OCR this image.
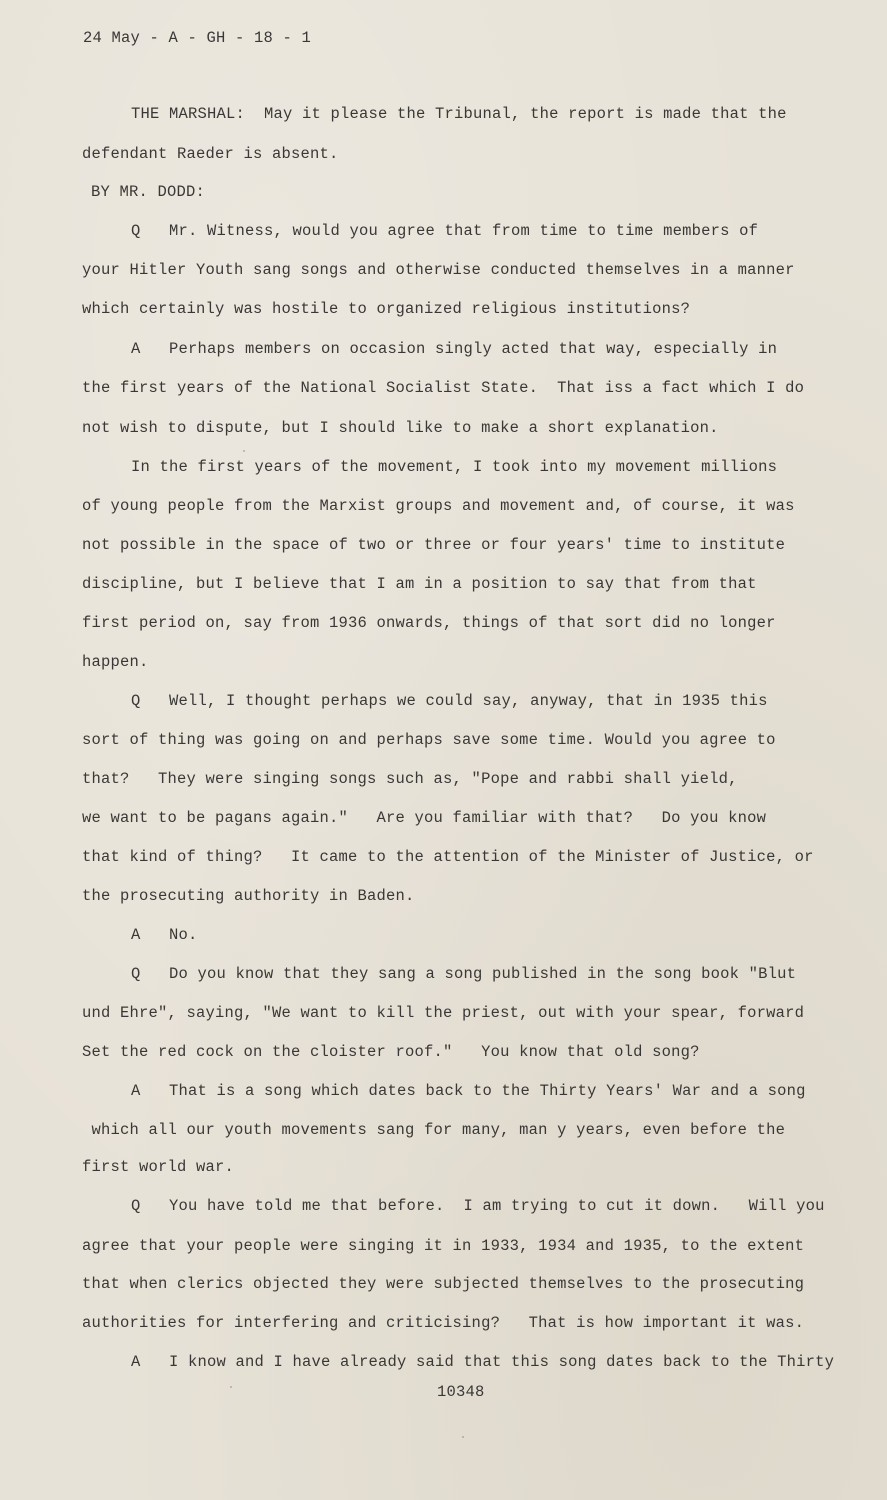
24 May - A - GH - 18 - 1
THE MARSHAL:  May it please the Tribunal, the report is made that the
defendant Raeder is absent.
BY MR. DODD:
Q   Mr. Witness, would you agree that from time to time members of
your Hitler Youth sang songs and otherwise conducted themselves in a manner
which certainly was hostile to organized religious institutions?
A   Perhaps members on occasion singly acted that way, especially in
the first years of the National Socialist State.  That iss a fact which I do
not wish to dispute, but I should like to make a short explanation.
In the first years of the movement, I took into my movement millions
of young people from the Marxist groups and movement and, of course, it was
not possible in the space of two or three or four years' time to institute
discipline, but I believe that I am in a position to say that from that
first period on, say from 1936 onwards, things of that sort did no longer
happen.
Q   Well, I thought perhaps we could say, anyway, that in 1935 this
sort of thing was going on and perhaps save some time. Would you agree to
that?   They were singing songs such as, "Pope and rabbi shall yield,
we want to be pagans again."   Are you familiar with that?   Do you know
that kind of thing?   It came to the attention of the Minister of Justice, or
the prosecuting authority in Baden.
A   No.
Q   Do you know that they sang a song published in the song book "Blut
und Ehre", saying, "We want to kill the priest, out with your spear, forward
Set the red cock on the cloister roof."   You know that old song?
A   That is a song which dates back to the Thirty Years' War and a song
which all our youth movements sang for many, man y years, even before the
first world war.
Q   You have told me that before.  I am trying to cut it down.   Will you
agree that your people were singing it in 1933, 1934 and 1935, to the extent
that when clerics objected they were subjected themselves to the prosecuting
authorities for interfering and criticising?   That is how important it was.
A   I know and I have already said that this song dates back to the Thirty
10348
